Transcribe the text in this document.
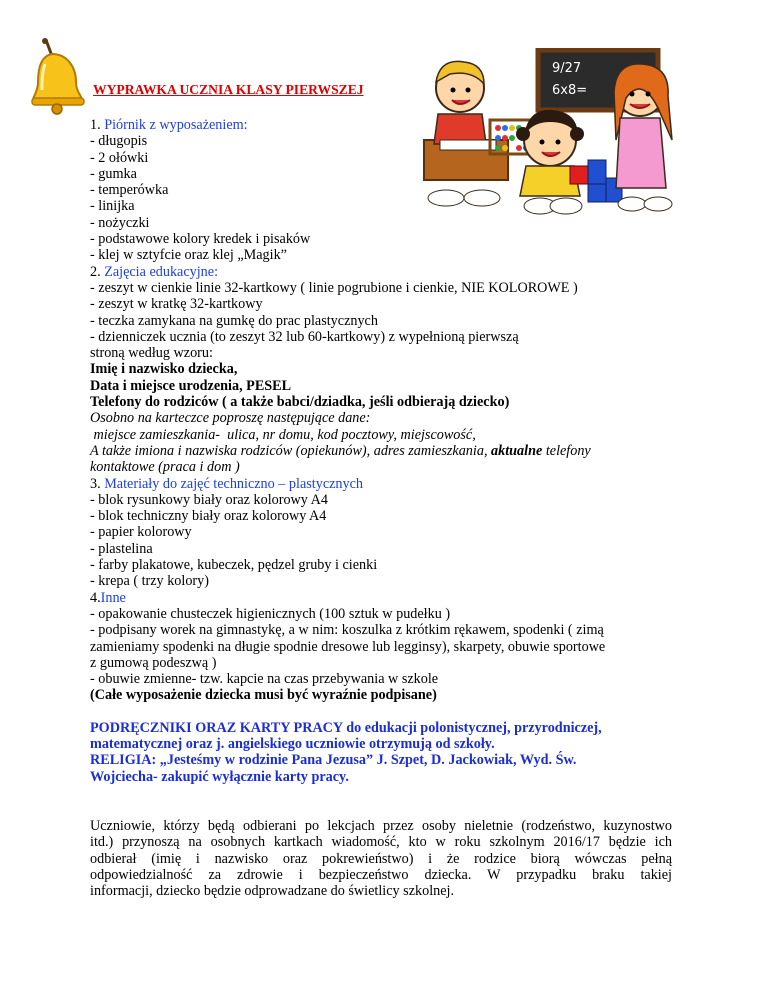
9/27
6x8=
WYPRAWKA UCZNIA KLASY PIERWSZEJ
1. Piórnik z wyposażeniem:
- długopis
- 2 ołówki
- gumka
- temperówka
- linijka
- nożyczki
- podstawowe kolory kredek i pisaków
- klej w sztyfcie oraz klej „Magik”
2. Zajęcia edukacyjne:
- zeszyt w cienkie linie 32-kartkowy ( linie pogrubione i cienkie, NIE KOLOROWE )
- zeszyt w kratkę 32-kartkowy
- teczka zamykana na gumkę do prac plastycznych
- dzienniczek ucznia (to zeszyt 32 lub 60-kartkowy) z wypełnioną pierwszą
stroną według wzoru:
Imię i nazwisko dziecka,
Data i miejsce urodzenia, PESEL
Telefony do rodziców ( a także babci/dziadka, jeśli odbierają dziecko)
Osobno na karteczce poproszę następujące dane:
miejsce zamieszkania-  ulica, nr domu, kod pocztowy, miejscowość,
A także imiona i nazwiska rodziców (opiekunów), adres zamieszkania, aktualne telefony
kontaktowe (praca i dom )
3. Materiały do zajęć techniczno – plastycznych
- blok rysunkowy biały oraz kolorowy A4
- blok techniczny biały oraz kolorowy A4
- papier kolorowy
- plastelina
- farby plakatowe, kubeczek, pędzel gruby i cienki
- krepa ( trzy kolory)
4.Inne
- opakowanie chusteczek higienicznych (100 sztuk w pudełku )
- podpisany worek na gimnastykę, a w nim: koszulka z krótkim rękawem, spodenki ( zimą
zamieniamy spodenki na długie spodnie dresowe lub legginsy), skarpety, obuwie sportowe
z gumową podeszwą )
- obuwie zmienne- tzw. kapcie na czas przebywania w szkole
(Całe wyposażenie dziecka musi być wyraźnie podpisane)
PODRĘCZNIKI ORAZ KARTY PRACY do edukacji polonistycznej, przyrodniczej,
matematycznej oraz j. angielskiego uczniowie otrzymują od szkoły.
RELIGIA: „Jesteśmy w rodzinie Pana Jezusa” J. Szpet, D. Jackowiak, Wyd. Św.
Wojciecha- zakupić wyłącznie karty pracy.
Uczniowie, którzy będą odbierani po lekcjach przez osoby nieletnie (rodzeństwo, kuzynostwo
itd.) przynoszą na osobnych kartkach wiadomość, kto w roku szkolnym 2016/17 będzie ich
odbierał (imię i nazwisko oraz pokrewieństwo) i że rodzice biorą wówczas pełną
odpowiedzialność za zdrowie i bezpieczeństwo dziecka. W przypadku braku takiej
informacji, dziecko będzie odprowadzane do świetlicy szkolnej.
